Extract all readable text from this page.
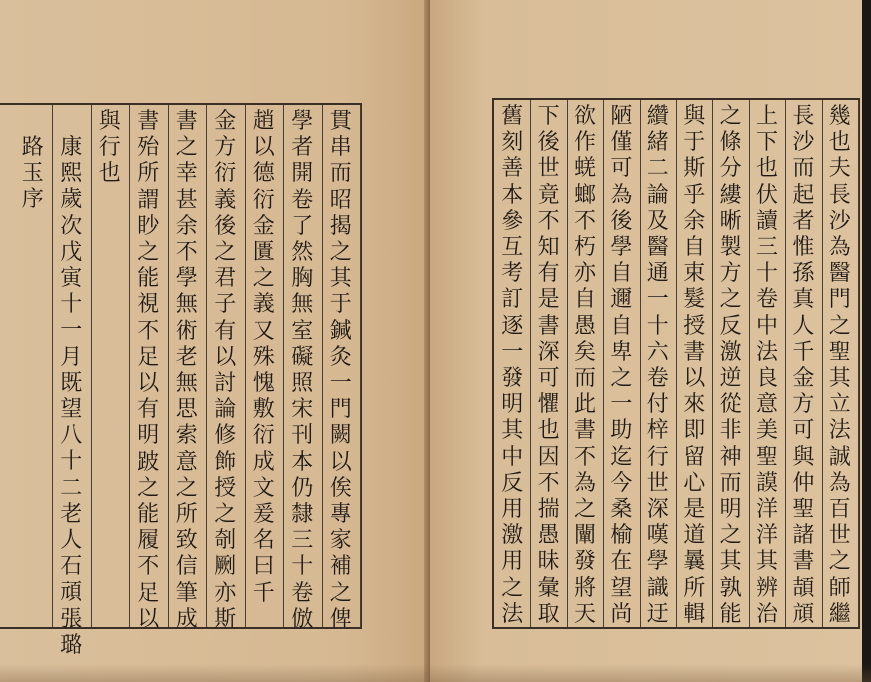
貫
串
而
昭
揭
之
其
于
鍼
灸
一
門
闕
以
俟
專
家
補
之
俾
學
者
開
卷
了
然
胸
無
室
礙
照
宋
刊
本
仍
隸
三
十
卷
倣
趙
以
德
衍
金
匱
之
義
又
殊
愧
敷
衍
成
文
爰
名
曰
千
金
方
衍
義
後
之
君
子
有
以
討
論
修
飾
授
之
剞
劂
亦
斯
書
之
幸
甚
余
不
學
無
術
老
無
思
索
意
之
所
致
信
筆
成
書
殆
所
謂
眇
之
能
視
不
足
以
有
明
跛
之
能
履
不
足
以
與
行
也
康
熙
歲
次
戊
寅
十
一
月
既
望
八
十
二
老
人
石
頑
張
璐
路
玉
序
幾
也
夫
長
沙
為
醫
門
之
聖
其
立
法
誠
為
百
世
之
師
繼
長
沙
而
起
者
惟
孫
真
人
千
金
方
可
與
仲
聖
諸
書
頡
頏
上
下
也
伏
讀
三
十
卷
中
法
良
意
美
聖
謨
洋
洋
其
辨
治
之
條
分
縷
晰
製
方
之
反
激
逆
從
非
神
而
明
之
其
孰
能
與
于
斯
乎
余
自
束
髮
授
書
以
來
即
留
心
是
道
曩
所
輯
纘
緒
二
論
及
醫
通
一
十
六
卷
付
梓
行
世
深
嘆
學
識
迂
陋
僅
可
為
後
學
自
邇
自
卑
之
一
助
迄
今
桑
榆
在
望
尚
欲
作
蜣
螂
不
朽
亦
自
愚
矣
而
此
書
不
為
之
闡
發
將
天
下
後
世
竟
不
知
有
是
書
深
可
懼
也
因
不
揣
愚
昧
彙
取
舊
刻
善
本
參
互
考
訂
逐
一
發
明
其
中
反
用
激
用
之
法
